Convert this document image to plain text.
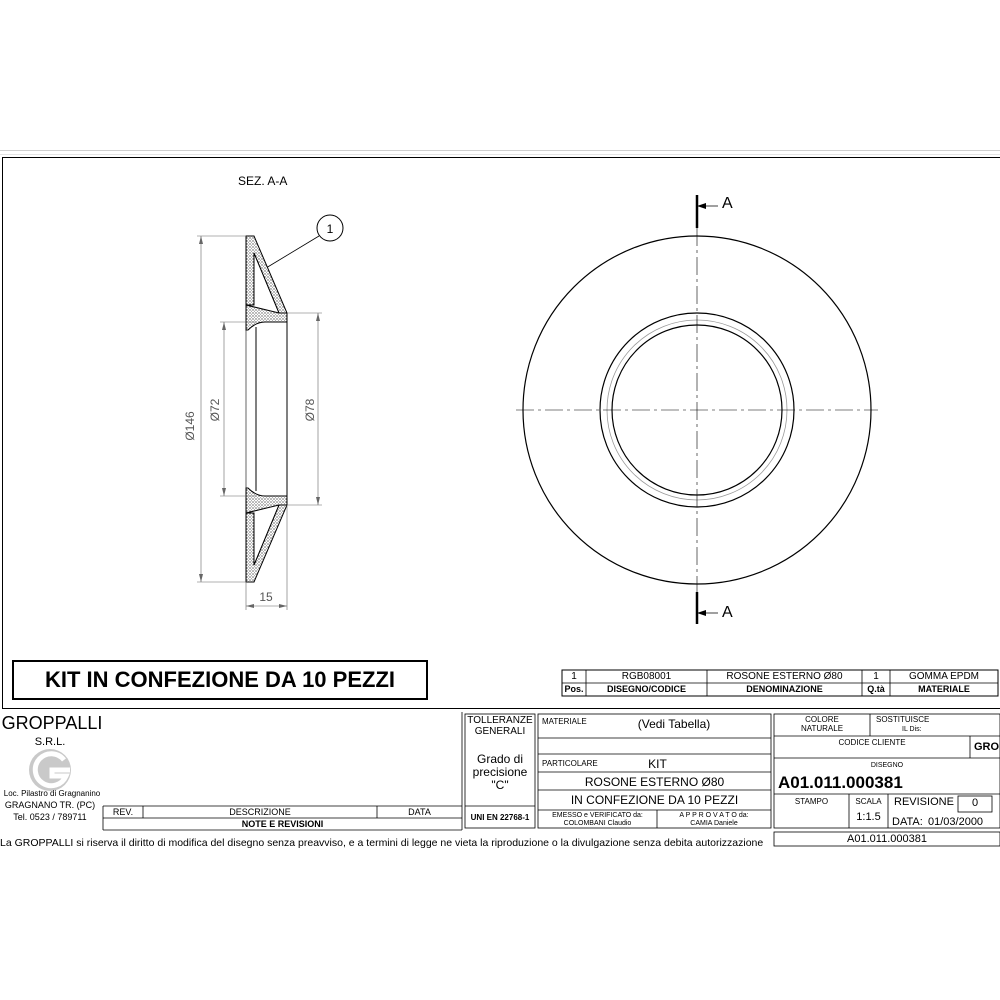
SEZ. A-A
1
Ø146
Ø72	Ø78
15
A
A
KIT IN CONFEZIONE DA 10 PEZZI	1	RGB08001	ROSONE ESTERNO Ø80	1	GOMMA EPDM
Pos.	DISEGNO/CODICE	DENOMINAZIONE	Q.tà	MATERIALE
GROPPALLI
S.R.L.
Loc. Pilastro di Gragnanino
GRAGNANO TR. (PC)
Tel. 0523 / 789711	REV.	DESCRIZIONE	DATA
NOTE E REVISIONI
TOLLERANZE
GENERALI
Grado di
precisione
"C"
UNI EN 22768-1
MATERIALE	(Vedi Tabella)
PARTICOLARE	KIT
ROSONE ESTERNO Ø80
IN CONFEZIONE DA 10 PEZZI
EMESSO e VERIFICATO da:
COLOMBANI Claudio
A P P R O V A T O da:
CAMIA Daniele
COLORE
NATURALE
SOSTITUISCE
IL Dis:
CODICE CLIENTE	GRO
DISEGNO
A01.011.000381
STAMPO	SCALA
1:1.5
REVISIONE	0
DATA: 01/03/2000
La GROPPALLI si riserva il diritto di modifica del disegno senza preavviso, e a termini di legge ne vieta la riproduzione o la divulgazione senza debita autorizzazione	A01.011.000381
